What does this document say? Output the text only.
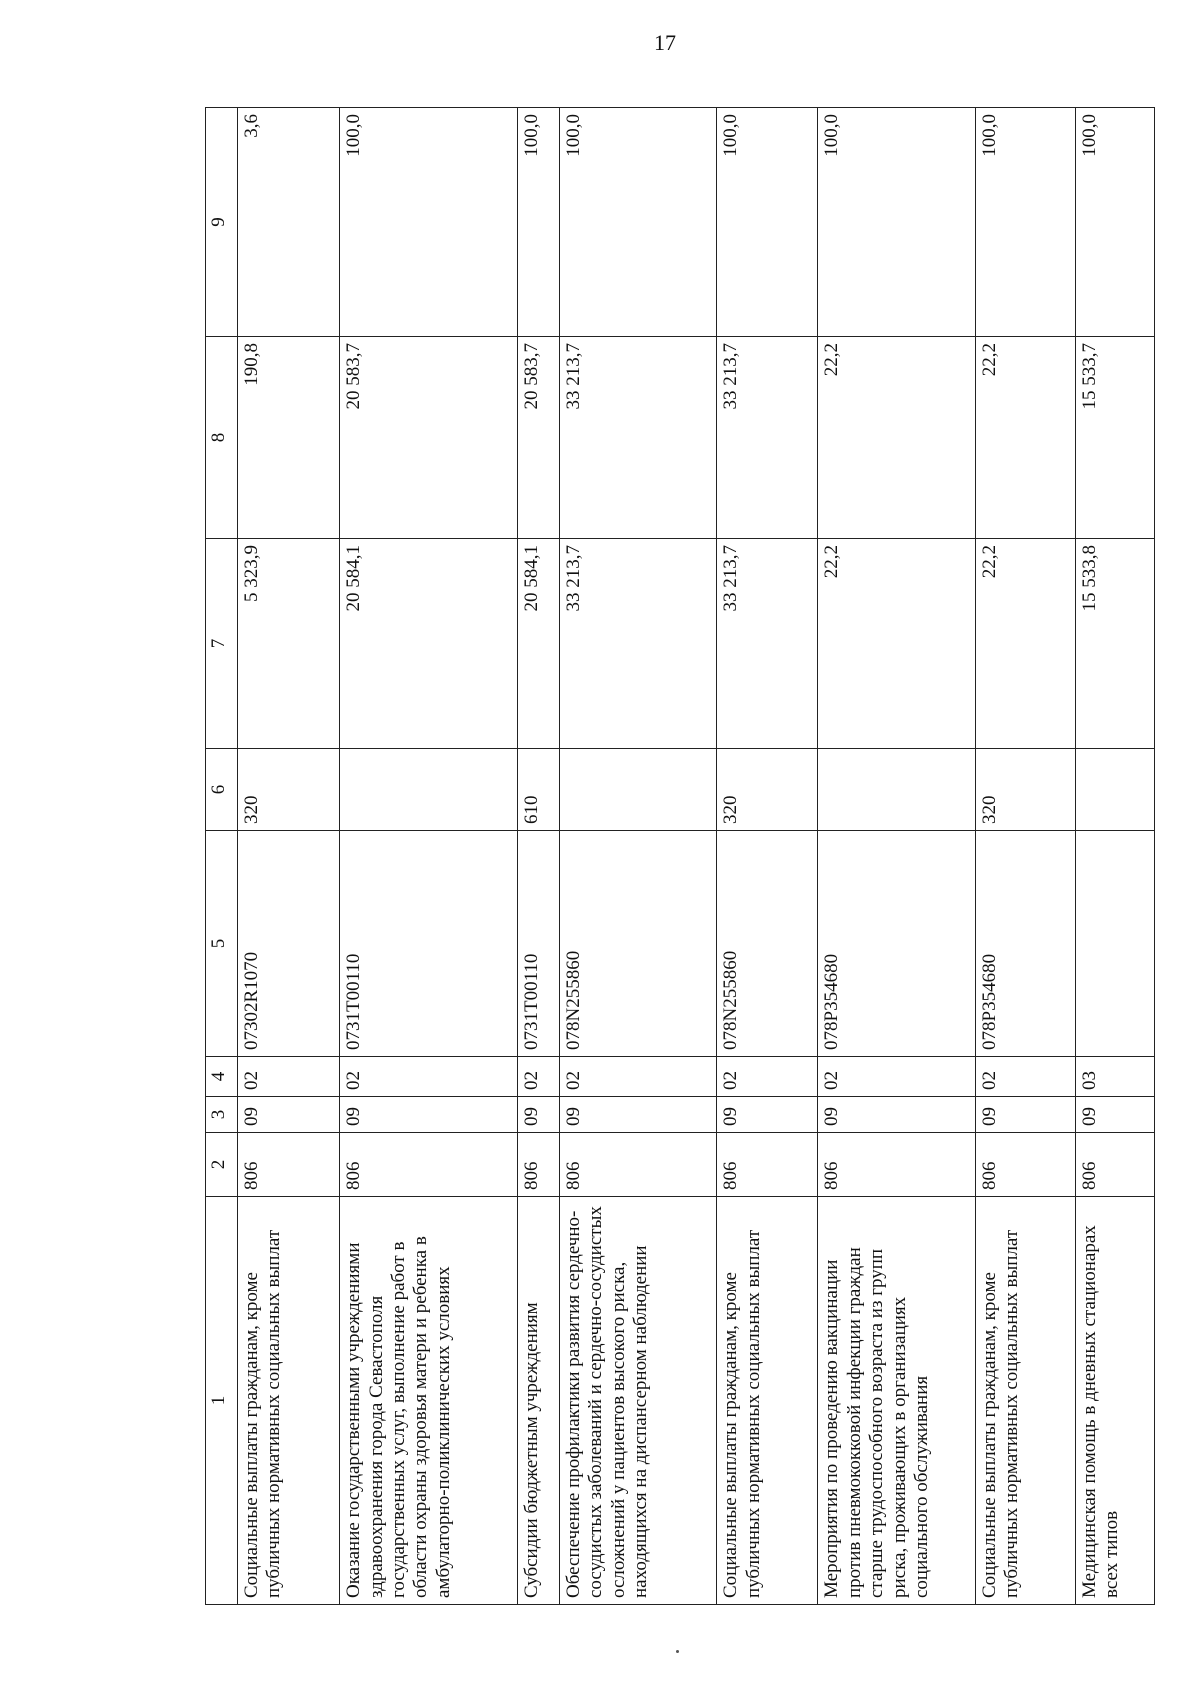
17
1	2	3	4	5	6	7	8	9
Социальные выплаты гражданам, кроме публичных нормативных социальных выплат	806	09	02	07302R1070	320	5 323,9	190,8	3,6
Оказание государственными учреждениями здравоохранения города Севастополя государственных услуг, выполнение работ в области охраны здоровья матери и ребенка в амбулаторно-поликлинических условиях	806	09	02	0731Т00110		20 584,1	20 583,7	100,0
Субсидии бюджетным учреждениям	806	09	02	0731Т00110	610	20 584,1	20 583,7	100,0
Обеспечение профилактики развития сердечно-сосудистых заболеваний и сердечно-сосудистых осложнений у пациентов высокого риска, находящихся на диспансерном наблюдении	806	09	02	078N255860		33 213,7	33 213,7	100,0
Социальные выплаты гражданам, кроме публичных нормативных социальных выплат	806	09	02	078N255860	320	33 213,7	33 213,7	100,0
Мероприятия по проведению вакцинации против пневмококковой инфекции граждан старше трудоспособного возраста из групп риска, проживающих в организациях социального обслуживания	806	09	02	078P354680		22,2	22,2	100,0
Социальные выплаты гражданам, кроме публичных нормативных социальных выплат	806	09	02	078P354680	320	22,2	22,2	100,0
Медицинская помощь в дневных стационарах всех типов	806	09	03			15 533,8	15 533,7	100,0
